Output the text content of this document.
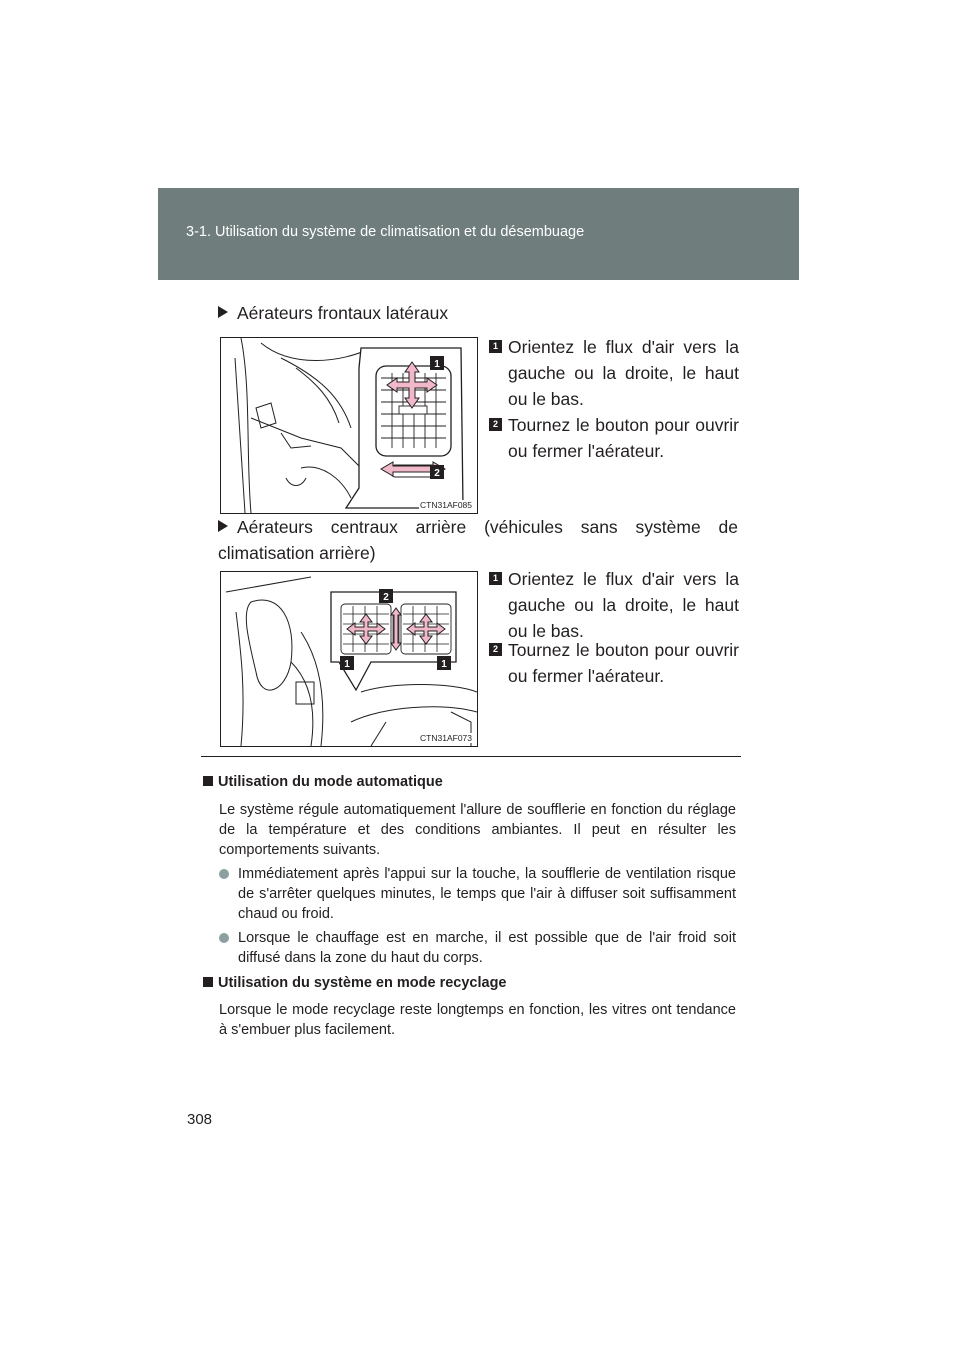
3-1. Utilisation du système de climatisation et du désembuage
Aérateurs frontaux latéraux
1
2
CTN31AF085
1 Orientez le flux d'air vers la gauche ou la droite, le haut ou le bas.
2 Tournez le bouton pour ouvrir ou fermer l'aérateur.
Aérateurs centraux arrière (véhicules sans système de climatisation arrière)
2
1	1
CTN31AF073
1 Orientez le flux d'air vers la gauche ou la droite, le haut ou le bas.
2 Tournez le bouton pour ouvrir ou fermer l'aérateur.
Utilisation du mode automatique
Le système régule automatiquement l'allure de soufflerie en fonction du réglage de la température et des conditions ambiantes. Il peut en résulter les comportements suivants.
Immédiatement après l'appui sur la touche, la soufflerie de ventilation risque de s'arrêter quelques minutes, le temps que l'air à diffuser soit suffisamment chaud ou froid.
Lorsque le chauffage est en marche, il est possible que de l'air froid soit diffusé dans la zone du haut du corps.
Utilisation du système en mode recyclage
Lorsque le mode recyclage reste longtemps en fonction, les vitres ont tendance à s'embuer plus facilement.
308
